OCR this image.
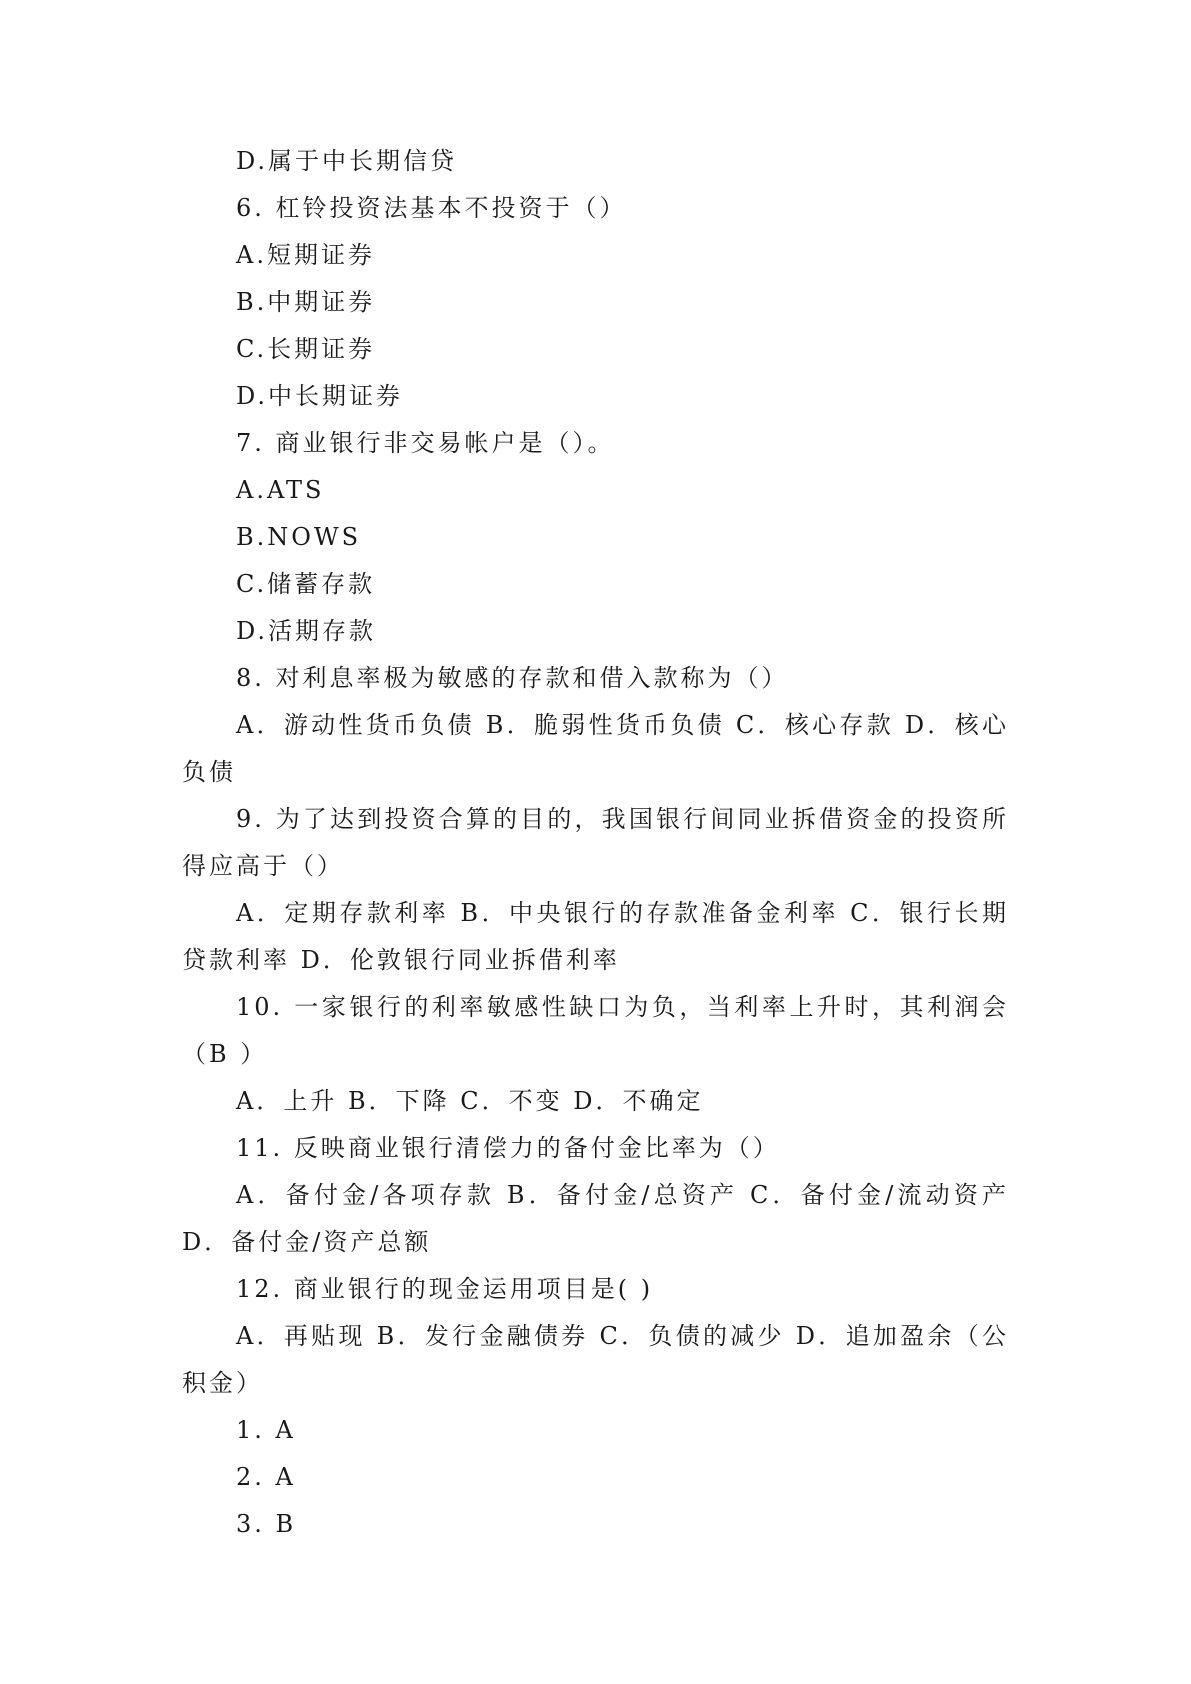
D.属于中长期信贷
6. 杠铃投资法基本不投资于（）
A.短期证券
B.中期证券
C.长期证券
D.中长期证券
7. 商业银行非交易帐户是（）。
A.ATS
B.NOWS
C.储蓄存款
D.活期存款
8. 对利息率极为敏感的存款和借入款称为（）
A．游动性货币负债 B．脆弱性货币负债 C．核心存款 D．核心负债
9. 为了达到投资合算的目的，我国银行间同业拆借资金的投资所得应高于（）
A．定期存款利率 B．中央银行的存款准备金利率 C．银行长期贷款利率 D．伦敦银行同业拆借利率
10. 一家银行的利率敏感性缺口为负，当利率上升时，其利润会（B ）
A．上升 B．下降 C．不变 D．不确定
11. 反映商业银行清偿力的备付金比率为（）
A．备付金/各项存款 B．备付金/总资产 C．备付金/流动资产 D．备付金/资产总额
12. 商业银行的现金运用项目是( )
A．再贴现 B．发行金融债券 C．负债的减少 D．追加盈余（公积金）
1. A
2. A
3. B
